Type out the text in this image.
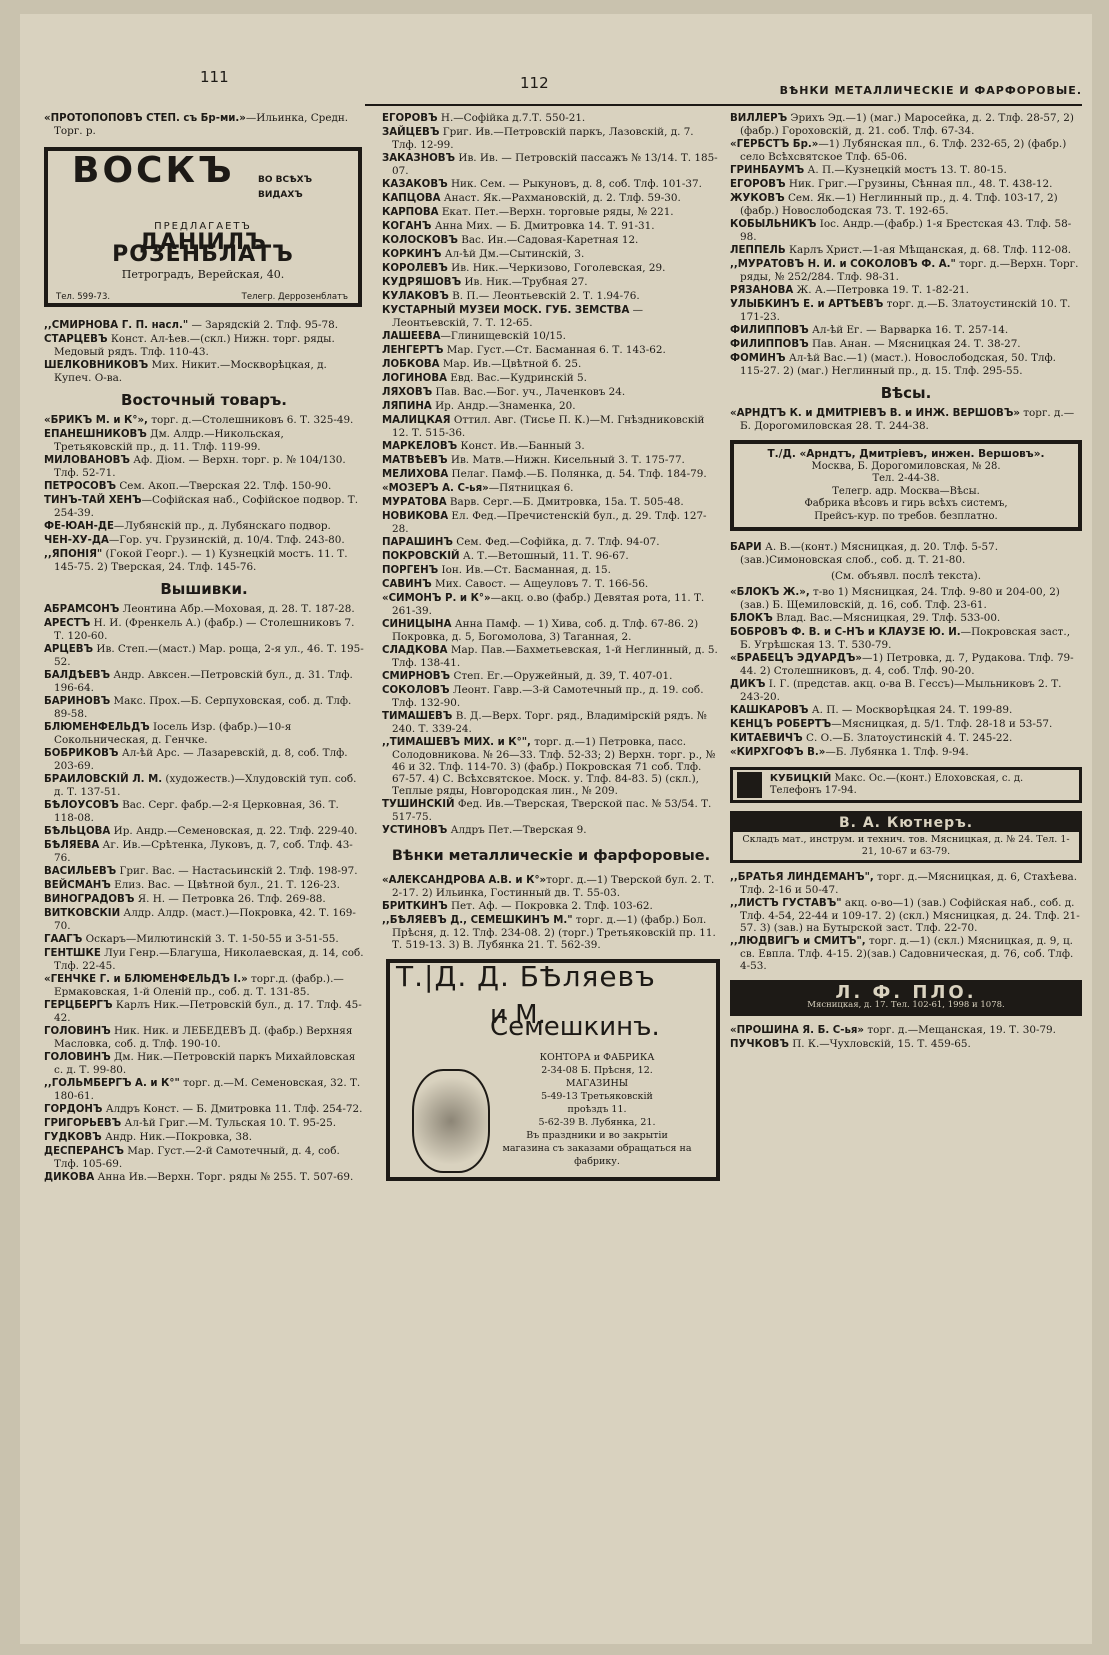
111	112	ВѢНКИ МЕТАЛЛИЧЕСКІЕ И ФАРФОРОВЫЕ.

«ПРОТОПОПОВЪ СТЕП. съ Бр-ми.»—Ильинка, Средн. Торг. р.

ВОСКЪ	ВО ВСѢХЪ ВИДАХЪ
ПРЕДЛАГАЕТЪ
ДАНІИЛЪ РОЗЕНБЛАТЪ
Петроградъ, Верейская, 40.
Тел. 599-73.	Телегр. Деррозенблатъ

,,СМИРНОВА Г. П. насл." — Зарядскій 2. Тлф. 95-78.

СТАРЦЕВЪ Конст. Ал-ѣев.—(скл.) Нижн. торг. ряды. Медовый рядъ. Тлф. 110-43.

ШЕЛКОВНИКОВЪ Мих. Никит.—Москворѣцкая, д. Купеч. О-ва.

Восточный товаръ.

«БРИКЪ М. и К°», торг. д.—Столешниковъ 6. Т. 325-49.

ЕПАНЕШНИКОВЪ Дм. Алдр.—Никольская, Третьяковскій пр., д. 11. Тлф. 119-99.

МИЛОВАНОВЪ Аф. Діом. — Верхн. торг. р. № 104/130. Тлф. 52-71.

ПЕТРОСОВЪ Сем. Акоп.—Тверская 22. Тлф. 150-90.

ТИНЪ-ТАЙ ХЕНЪ—Софійская наб., Софійское подвор. Т. 254-39.

ФЕ-ЮАН-ДЕ—Лубянскій пр., д. Лубянскаго подвор.

ЧЕН-ХУ-ДА—Гор. уч. Грузинскій, д. 10/4. Тлф. 243-80.

,,ЯПОНІЯ" (Гокой Георг.). — 1) Кузнецкій мостъ. 11. Т. 145-75. 2) Тверская, 24. Тлф. 145-76.

Вышивки.

АБРАМСОНЪ Леонтина Абр.—Моховая, д. 28. Т. 187-28.

АРЕСТЪ Н. И. (Френкель А.) (фабр.) — Столешниковъ 7. Т. 120-60.

АРЦЕВЪ Ив. Степ.—(маст.) Мар. роща, 2-я ул., 46. Т. 195-52.

БАЛДѢЕВЪ Андр. Авксен.—Петровскій бул., д. 31. Тлф. 196-64.

БАРИНОВЪ Макс. Прох.—Б. Серпуховская, соб. д. Тлф. 89-58.

БЛЮМЕНФЕЛЬДЪ Іосель Изр. (фабр.)—10-я Сокольническая, д. Генчке.

БОБРИКОВЪ Ал-ѣй Арс. — Лазаревскій, д. 8, соб. Тлф. 203-69.

БРАИЛОВСКІЙ Л. М. (художеств.)—Хлудовскій туп. соб. д. Т. 137-51.

БѢЛОУСОВЪ Вас. Серг. фабр.—2-я Церковная, 36. Т. 118-08.

БѢЛЬЦОВА Ир. Андр.—Семеновская, д. 22. Тлф. 229-40.

БѢЛЯЕВА Аг. Ив.—Срѣтенка, Луковъ, д. 7, соб. Тлф. 43-76.

ВАСИЛЬЕВЪ Григ. Вас. — Настасьинскій 2. Тлф. 198-97.

ВЕЙСМАНЪ Елиз. Вас. — Цвѣтной бул., 21. Т. 126-23.

ВИНОГРАДОВЪ Я. Н. — Петровка 26. Тлф. 269-88.

ВИТКОВСКІИ Алдр. Алдр. (маст.)—Покровка, 42. Т. 169-70.

ГААГЪ Оскаръ—Милютинскій 3. Т. 1-50-55 и 3-51-55.

ГЕНТШКЕ Луи Генр.—Благуша, Николаевская, д. 14, соб. Тлф. 22-45.

«ГЕНЧКЕ Г. и БЛЮМЕНФЕЛЬДЪ І.» торг.д. (фабр.).—Ермаковская, 1-й Оленій пр., соб. д. Т. 131-85.

ГЕРЦБЕРГЪ Карлъ Ник.—Петровскій бул., д. 17. Тлф. 45-42.

ГОЛОВИНЪ Ник. Ник. и ЛЕБЕДЕВЪ Д. (фабр.) Верхняя Масловка, соб. д. Тлф. 190-10.

ГОЛОВИНЪ Дм. Ник.—Петровскій паркъ Михайловская с. д. Т. 99-80.

,,ГОЛЬМБЕРГЪ А. и К°" торг. д.—М. Семеновская, 32. Т. 180-61.

ГОРДОНЪ Алдръ Конст. — Б. Дмитровка 11. Тлф. 254-72.

ГРИГОРЬЕВЪ Ал-ѣй Григ.—М. Тульская 10. Т. 95-25.

ГУДКОВЪ Андр. Ник.—Покровка, 38.

ДЕСПЕРАНСЪ Мар. Густ.—2-й Самотечный, д. 4, соб. Тлф. 105-69.

ДИКОВА Анна Ив.—Верхн. Торг. ряды № 255. Т. 507-69.

ЕГОРОВЪ Н.—Софійка д.7.Т. 550-21.

ЗАЙЦЕВЪ Григ. Ив.—Петровскій паркъ, Лазовскій, д. 7. Тлф. 12-99.

ЗАКАЗНОВЪ Ив. Ив. — Петровскій пассажъ № 13/14. Т. 185-07.

КАЗАКОВЪ Ник. Сем. — Рыкуновъ, д. 8, соб. Тлф. 101-37.

КАПЦОВА Анаст. Як.—Рахмановскій, д. 2. Тлф. 59-30.

КАРПОВА Екат. Пет.—Верхн. торговые ряды, № 221.

КОГАНЪ Анна Мих. — Б. Дмитровка 14. Т. 91-31.

КОЛОСКОВЪ Вас. Ин.—Садовая-Каретная 12.

КОРКИНЪ Ал-ѣй Дм.—Сытинскій, 3.

КОРОЛЕВЪ Ив. Ник.—Черкизово, Гоголевская, 29.

КУДРЯШОВЪ Ив. Ник.—Трубная 27.

КУЛАКОВЪ В. П.— Леонтьевскій 2. Т. 1.94-76.

КУСТАРНЫЙ МУЗЕИ МОСК. ГУБ. ЗЕМСТВА — Леонтьевскій, 7. Т. 12-65.

ЛАШЕЕВА—Глинищевскій 10/15.

ЛЕНГЕРТЪ Мар. Густ.—Ст. Басманная 6. Т. 143-62.

ЛОБКОВА Мар. Ив.—Цвѣтной б. 25.

ЛОГИНОВА Евд. Вас.—Кудринскій 5.

ЛЯХОВЪ Пав. Вас.—Бог. уч., Лаченковъ 24.

ЛЯПИНА Ир. Андр.—Знаменка, 20.

МАЛИЦКАЯ Оттил. Авг. (Тисье П. К.)—М. Гнѣздниковскій 12. Т. 515-36.

МАРКЕЛОВЪ Конст. Ив.—Банный 3.

МАТВѢЕВЪ Ив. Матв.—Нижн. Кисельный 3. Т. 175-77.

МЕЛИХОВА Пелаг. Памф.—Б. Полянка, д. 54. Тлф. 184-79.

«МОЗЕРЪ А. С-ья»—Пятницкая 6.

МУРАТОВА Варв. Серг.—Б. Дмитровка, 15а. Т. 505-48.

НОВИКОВА Ел. Фед.—Пречистенскій бул., д. 29. Тлф. 127-28.

ПАРАШИНЪ Сем. Фед.—Софійка, д. 7. Тлф. 94-07.

ПОКРОВСКІЙ А. Т.—Ветошный, 11. Т. 96-67.

ПОРГЕНЪ Іон. Ив.—Ст. Басманная, д. 15.

САВИНЪ Мих. Савост. — Ащеуловъ 7. Т. 166-56.

«СИМОНЪ Р. и К°»—акц. о.во (фабр.) Девятая рота, 11. Т. 261-39.

СИНИЦЫНА Анна Памф. — 1) Хива, соб. д. Тлф. 67-86. 2) Покровка, д. 5, Богомолова, 3) Таганная, 2.

СЛАДКОВА Мар. Пав.—Бахметьевская, 1-й Неглинный, д. 5. Тлф. 138-41.

СМИРНОВЪ Степ. Ег.—Оружейный, д. 39, Т. 407-01.

СОКОЛОВЪ Леонт. Гавр.—3-й Самотечный пр., д. 19. соб. Тлф. 132-90.

ТИМАШЕВЪ В. Д.—Верх. Торг. ряд., Владимірскій рядъ. № 240. Т. 339-24.

,,ТИМАШЕВЪ МИХ. и К°", торг. д.—1) Петровка, пасс. Солодовникова. № 26—33. Тлф. 52-33; 2) Верхн. торг. р., № 46 и 32. Тлф. 114-70. 3) (фабр.) Покровская 71 соб. Тлф. 67-57. 4) С. Всѣхсвятское. Моск. у. Тлф. 84-83. 5) (скл.), Теплые ряды, Новгородская лин., № 209.

ТУШИНСКІЙ Фед. Ив.—Тверская, Тверской пас. № 53/54. Т. 517-75.

УСТИНОВЪ Алдръ Пет.—Тверская 9.

Вѣнки металлическіе и фарфоровые.

«АЛЕКСАНДРОВА А.В. и К°»торг. д.—1) Тверской бул. 2. Т. 2-17. 2) Ильинка, Гостинный дв. Т. 55-03.

БРИТКИНЪ Пет. Аф. — Покровка 2. Тлф. 103-62.

,,БѢЛЯЕВЪ Д., СЕМЕШКИНЪ М." торг. д.—1) (фабр.) Бол. Прѣсня, д. 12. Тлф. 234-08. 2) (торг.) Третьяковскій пр. 11. Т. 519-13. 3) В. Лубянка 21. Т. 562-39.

Т.|Д. Д. БѢляевъ
и М. Семешкинъ.
КОНТОРА и ФАБРИКА
2-34-08 Б. Прѣсня, 12.
МАГАЗИНЫ
5-49-13 Третьяковскій
проѣздъ 11.
5-62-39 В. Лубянка, 21.
Въ праздники и во закрытіи магазина съ заказами обращаться на фабрику.

ВИЛЛЕРЪ Эрихъ Эд.—1) (маг.) Маросейка, д. 2. Тлф. 28-57, 2) (фабр.) Гороховскій, д. 21. соб. Тлф. 67-34.

«ГЕРБСТЪ Бр.»—1) Лубянская пл., 6. Тлф. 232-65, 2) (фабр.) село Всѣхсвятское Тлф. 65-06.

ГРИНБАУМЪ А. П.—Кузнецкій мостъ 13. Т. 80-15.

ЕГОРОВЪ Ник. Григ.—Грузины, Сѣнная пл., 48. Т. 438-12.

ЖУКОВЪ Сем. Як.—1) Неглинный пр., д. 4. Тлф. 103-17, 2) (фабр.) Новослободская 73. Т. 192-65.

КОБЫЛЬНИКЪ Іос. Андр.—(фабр.) 1-я Брестская 43. Тлф. 58-98.

ЛЕППЕЛЬ Карлъ Христ.—1-ая Мѣщанская, д. 68. Тлф. 112-08.

,,МУРАТОВЪ Н. И. и СОКОЛОВЪ Ф. А." торг. д.—Верхн. Торг. ряды, № 252/284. Тлф. 98-31.

РЯЗАНОВА Ж. А.—Петровка 19. Т. 1-82-21.

УЛЫБКИНЪ Е. и АРТѢЕВЪ торг. д.—Б. Златоустинскій 10. Т. 171-23.

ФИЛИППОВЪ Ал-ѣй Ег. — Варварка 16. Т. 257-14.

ФИЛИППОВЪ Пав. Анан. — Мясницкая 24. Т. 38-27.

ФОМИНЪ Ал-ѣй Вас.—1) (маст.). Новослободская, 50. Тлф. 115-27. 2) (маг.) Неглинный пр., д. 15. Тлф. 295-55.

Вѣсы.

«АРНДТЪ К. и ДМИТРІЕВЪ В. и ИНЖ. ВЕРШОВЪ» торг. д.—Б. Дорогомиловская 28. Т. 244-38.

Т./Д. «Арндтъ, Дмитріевъ, инжен. Вершовъ».
Москва, Б. Дорогомиловская, № 28.
Тел. 2-44-38.
Телегр. адр. Москва—Вѣсы.
Фабрика вѣсовъ и гирь всѣхъ системъ,
Прейсъ-кур. по требов. безплатно.

БАРИ А. В.—(конт.) Мясницкая, д. 20. Тлф. 5-57. (зав.)Симоновская слоб., соб. д. Т. 21-80.

(См. объявл. послѣ текста).

«БЛОКЪ Ж.», т-во 1) Мясницкая, 24. Тлф. 9-80 и 204-00, 2) (зав.) Б. Щемиловскій, д. 16, соб. Тлф. 23-61.

БЛОКЪ Влад. Вас.—Мясницкая, 29. Тлф. 533-00.

БОБРОВЪ Ф. В. и С-НЪ и КЛАУЗЕ Ю. И.—Покровская заст., Б. Угрѣшская 13. Т. 530-79.

«БРАБЕЦЪ ЭДУАРДЪ»—1) Петровка, д. 7, Рудакова. Тлф. 79-44. 2) Столешниковъ, д. 4, соб. Тлф. 90-20.

ДИКЪ І. Г. (представ. акц. о-ва В. Гессъ)—Мыльниковъ 2. Т. 243-20.

КАШКАРОВЪ А. П. — Москворѣцкая 24. Т. 199-89.

КЕНЦЪ РОБЕРТЪ—Мясницкая, д. 5/1. Тлф. 28-18 и 53-57.

КИТАЕВИЧЪ С. О.—Б. Златоустинскій 4. Т. 245-22.

«КИРХГОФЪ В.»—Б. Лубянка 1. Тлф. 9-94.

КУБИЦКІЙ Макс. Ос.—(конт.) Елоховская, с. д. Телефонъ 17-94.
В. А. Кютнеръ.
Складъ мат., инструм. и технич. тов. Мясницкая, д. № 24. Тел. 1-21, 10-67 и 63-79.

,,БРАТЬЯ ЛИНДЕМАНЪ", торг. д.—Мясницкая, д. 6, Стахѣева. Тлф. 2-16 и 50-47.

,,ЛИСТЪ ГУСТАВЪ" акц. о-во—1) (зав.) Софійская наб., соб. д. Тлф. 4-54, 22-44 и 109-17. 2) (скл.) Мясницкая, д. 24. Тлф. 21-57. 3) (зав.) на Бутырской заст. Тлф. 22-70.

,,ЛЮДВИГЪ и СМИТЪ", торг. д.—1) (скл.) Мясницкая, д. 9, ц. св. Евпла. Тлф. 4-15. 2)(зав.) Садовническая, д. 76, соб. Тлф. 4-53.

Л. Ф. ПЛО.
Мясницкая, д. 17. Тел. 102-61, 1998 и 1078.

«ПРОШИНА Я. Б. С-ья» торг. д.—Мещанская, 19. Т. 30-79.

ПУЧКОВЪ П. К.—Чухловскій, 15. Т. 459-65.
